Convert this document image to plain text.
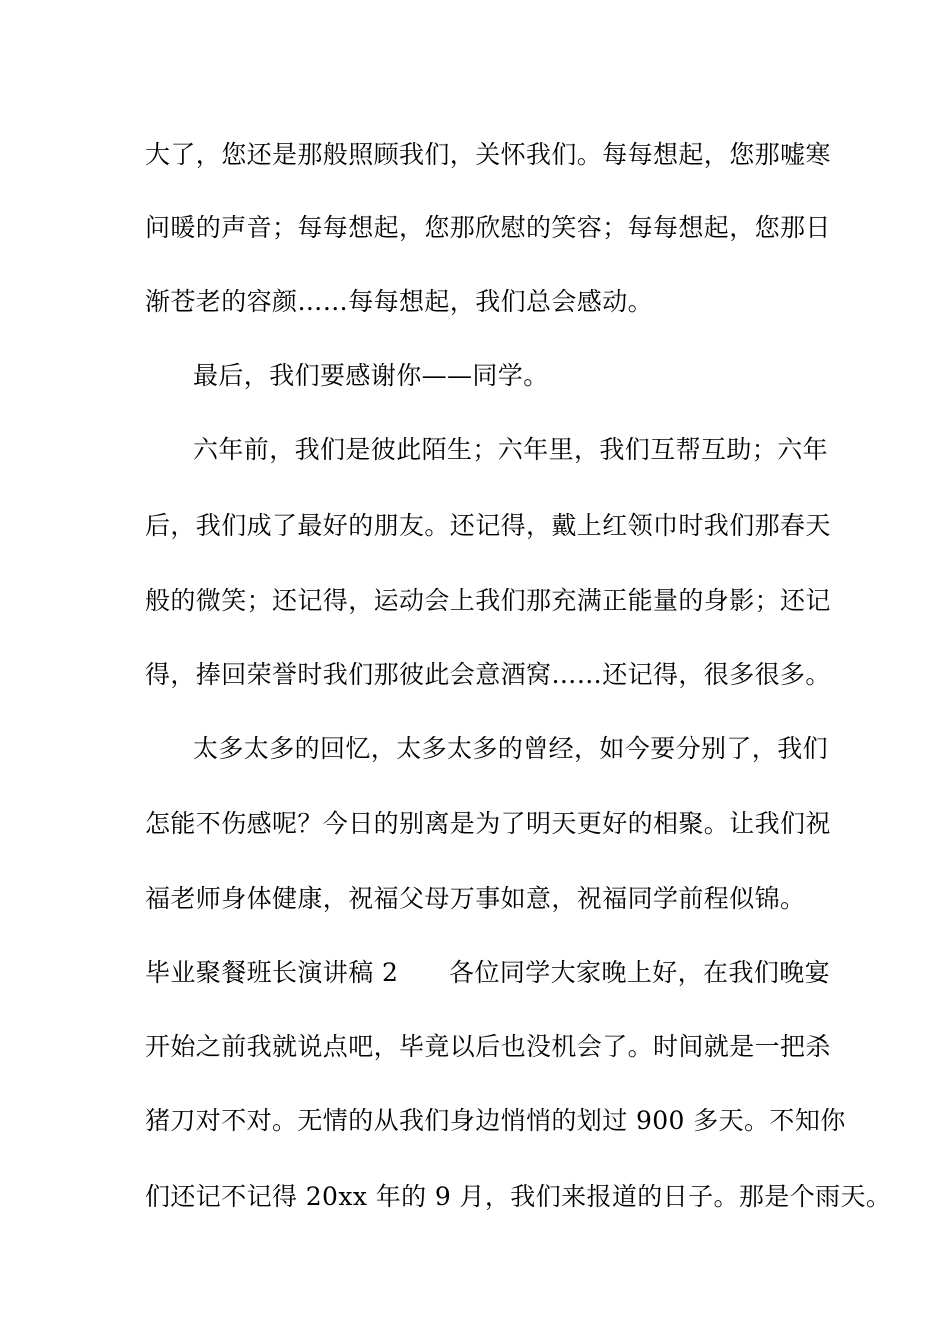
大了，您还是那般照顾我们，关怀我们。每每想起，您那嘘寒
问暖的声音；每每想起，您那欣慰的笑容；每每想起，您那日
渐苍老的容颜……每每想起，我们总会感动。
最后，我们要感谢你——同学。
六年前，我们是彼此陌生；六年里，我们互帮互助；六年
后，我们成了最好的朋友。还记得，戴上红领巾时我们那春天
般的微笑；还记得，运动会上我们那充满正能量的身影；还记
得，捧回荣誉时我们那彼此会意酒窝……还记得，很多很多。
太多太多的回忆，太多太多的曾经，如今要分别了，我们
怎能不伤感呢？今日的别离是为了明天更好的相聚。让我们祝
福老师身体健康，祝福父母万事如意，祝福同学前程似锦。
毕业聚餐班长演讲稿 2　　各位同学大家晚上好，在我们晚宴
开始之前我就说点吧，毕竟以后也没机会了。时间就是一把杀
猪刀对不对。无情的从我们身边悄悄的划过 900 多天。不知你
们还记不记得 20xx 年的 9 月，我们来报道的日子。那是个雨天。
